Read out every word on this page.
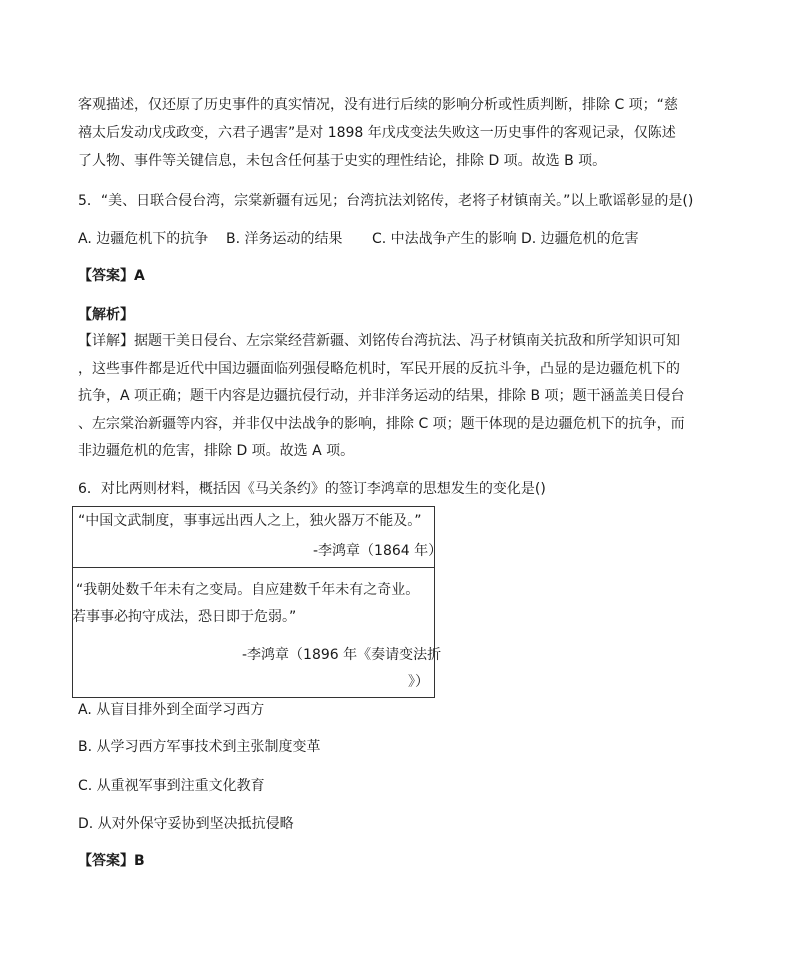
客观描述，仅还原了历史事件的真实情况，没有进行后续的影响分析或性质判断，排除 C 项；“慈
禧太后发动戊戌政变，六君子遇害”是对 1898 年戊戌变法失败这一历史事件的客观记录，仅陈述
了人物、事件等关键信息，未包含任何基于史实的理性结论，排除 D 项。故选 B 项。
5．“美、日联合侵台湾，宗棠新疆有远见；台湾抗法刘铭传，老将子材镇南关。”以上歌谣彰显的是()
A. 边疆危机下的抗争 B. 洋务运动的结果 C. 中法战争产生的影响 D. 边疆危机的危害
【答案】A
【解析】
【详解】据题干美日侵台、左宗棠经营新疆、刘铭传台湾抗法、冯子材镇南关抗敌和所学知识可知
，这些事件都是近代中国边疆面临列强侵略危机时，军民开展的反抗斗争，凸显的是边疆危机下的
抗争，A 项正确；题干内容是边疆抗侵行动，并非洋务运动的结果，排除 B 项；题干涵盖美日侵台
、左宗棠治新疆等内容，并非仅中法战争的影响，排除 C 项；题干体现的是边疆危机下的抗争，而
非边疆危机的危害，排除 D 项。故选 A 项。
6．对比两则材料，概括因《马关条约》的签订李鸿章的思想发生的变化是()
“中国文武制度，事事远出西人之上，独火器万不能及。”
-李鸿章（1864 年）
“我朝处数千年未有之变局。自应建数千年未有之奇业。
若事事必拘守成法，恐日即于危弱。”
-李鸿章（1896 年《奏请变法折
》）
A. 从盲目排外到全面学习西方
B. 从学习西方军事技术到主张制度变革
C. 从重视军事到注重文化教育
D. 从对外保守妥协到坚决抵抗侵略
【答案】B
